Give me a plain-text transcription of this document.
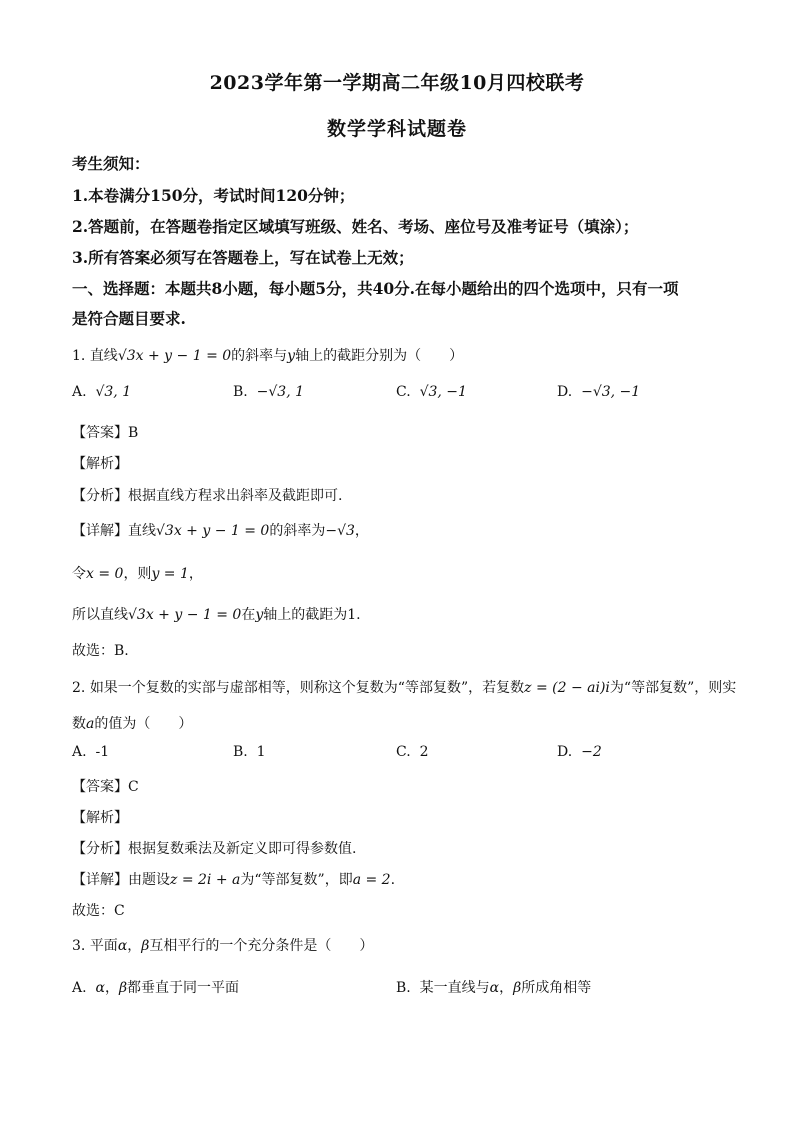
2023学年第一学期高二年级10月四校联考
数学学科试题卷
考生须知：
1.本卷满分150分，考试时间120分钟；
2.答题前，在答题卷指定区域填写班级、姓名、考场、座位号及准考证号（填涂）；
3.所有答案必须写在答题卷上，写在试卷上无效；
一、选择题：本题共8小题，每小题5分，共40分.在每小题给出的四个选项中，只有一项
是符合题目要求.
1. 直线√3x + y − 1 = 0的斜率与y轴上的截距分别为（　　）
A. √3, 1	B. −√3, 1	C. √3, −1	D. −√3, −1
【答案】B
【解析】
【分析】根据直线方程求出斜率及截距即可.
【详解】直线√3x + y − 1 = 0的斜率为−√3，
令x = 0，则y = 1，
所以直线√3x + y − 1 = 0在y轴上的截距为1.
故选：B.
2. 如果一个复数的实部与虚部相等，则称这个复数为“等部复数”，若复数z = (2 − ai)i为“等部复数”，则实
数a的值为（　　）
A. -1	B. 1	C. 2	D. −2
【答案】C
【解析】
【分析】根据复数乘法及新定义即可得参数值.
【详解】由题设z = 2i + a为“等部复数”，即a = 2.
故选：C
3. 平面α，β互相平行的一个充分条件是（　　）
A. α，β都垂直于同一平面	B. 某一直线与α，β所成角相等
